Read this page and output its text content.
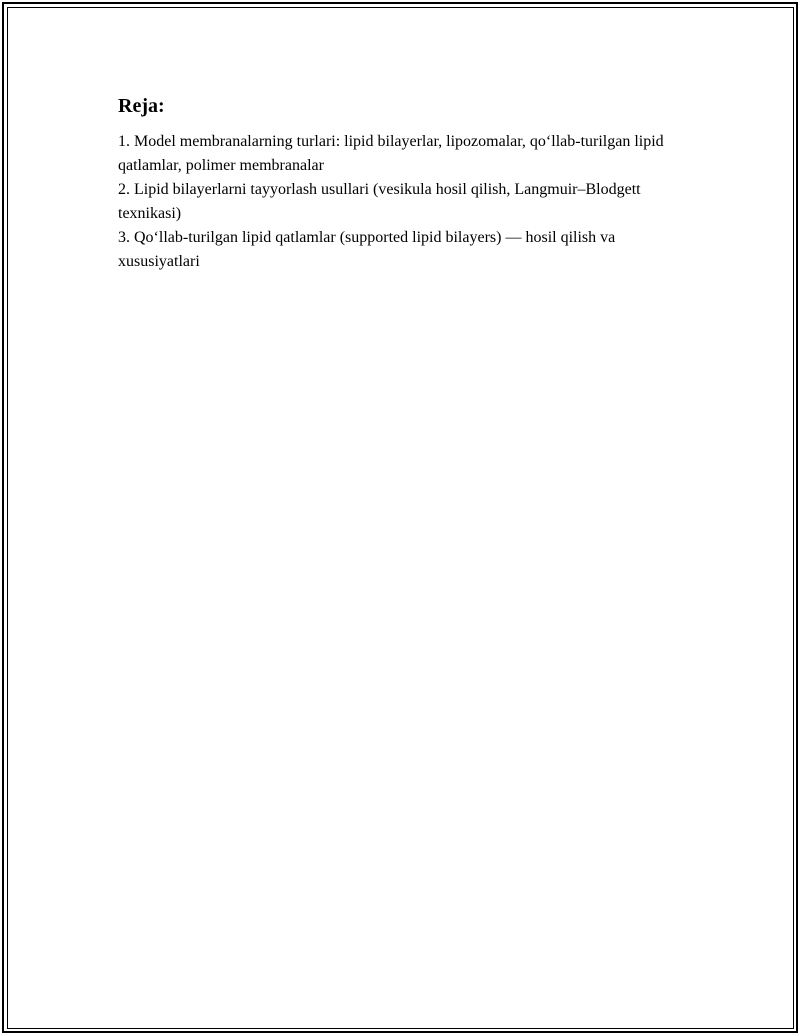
Reja:
1. Model membranalarning turlari: lipid bilayerlar, lipozomalar, qo‘llab-turilgan lipid qatlamlar, polimer membranalar
2. Lipid bilayerlarni tayyorlash usullari (vesikula hosil qilish, Langmuir–Blodgett texnikasi)
3. Qo‘llab-turilgan lipid qatlamlar (supported lipid bilayers) — hosil qilish va xususiyatlari
